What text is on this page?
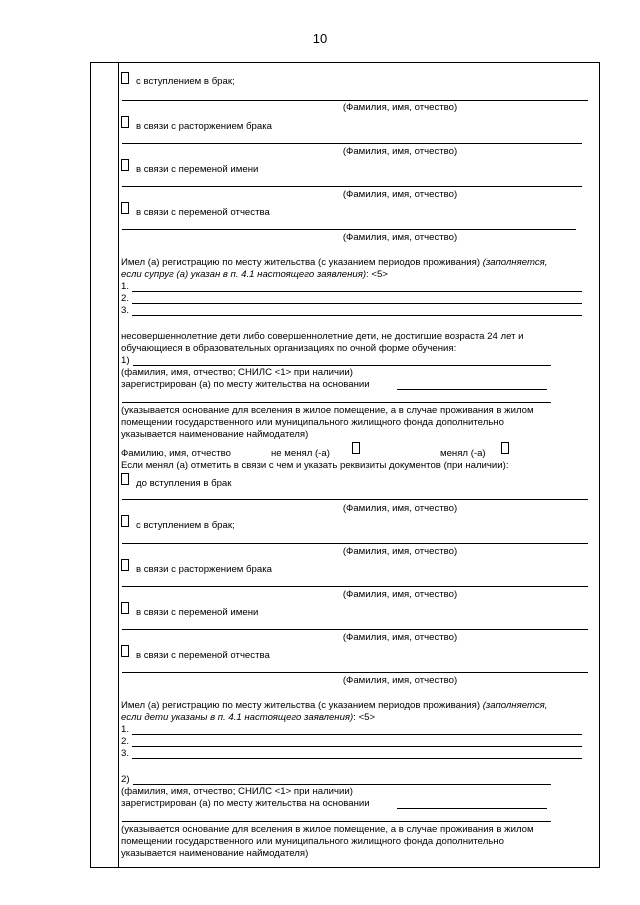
10
с вступлением в брак;
(Фамилия, имя, отчество)
в связи с расторжением брака
(Фамилия, имя, отчество)
в связи с переменой имени
(Фамилия, имя, отчество)
в связи с переменой отчества
(Фамилия, имя, отчество)
Имел (а) регистрацию по месту жительства (с указанием периодов проживания) (заполняется,
если супруг (а) указан в п. 4.1 настоящего заявления): <5>
1.
2.
3.
несовершеннолетние дети либо совершеннолетние дети, не достигшие возраста 24 лет и
обучающиеся в образовательных организациях по очной форме обучения:
1)
(фамилия, имя, отчество; СНИЛС <1> при наличии)
зарегистрирован (а) по месту жительства на основании
(указывается основание для вселения в жилое помещение, а в случае проживания в жилом
помещении государственного или муниципального жилищного фонда дополнительно
указывается наименование наймодателя)
Фамилию, имя, отчество	не менял (-а)	менял (-а)
Если менял (а) отметить в связи с чем и указать реквизиты документов (при наличии):
до вступления в брак
(Фамилия, имя, отчество)
с вступлением в брак;
(Фамилия, имя, отчество)
в связи с расторжением брака
(Фамилия, имя, отчество)
в связи с переменой имени
(Фамилия, имя, отчество)
в связи с переменой отчества
(Фамилия, имя, отчество)
Имел (а) регистрацию по месту жительства (с указанием периодов проживания) (заполняется,
если дети указаны в п. 4.1 настоящего заявления): <5>
1.
2.
3.
2)
(фамилия, имя, отчество; СНИЛС <1> при наличии)
зарегистрирован (а) по месту жительства на основании
(указывается основание для вселения в жилое помещение, а в случае проживания в жилом
помещении государственного или муниципального жилищного фонда дополнительно
указывается наименование наймодателя)
